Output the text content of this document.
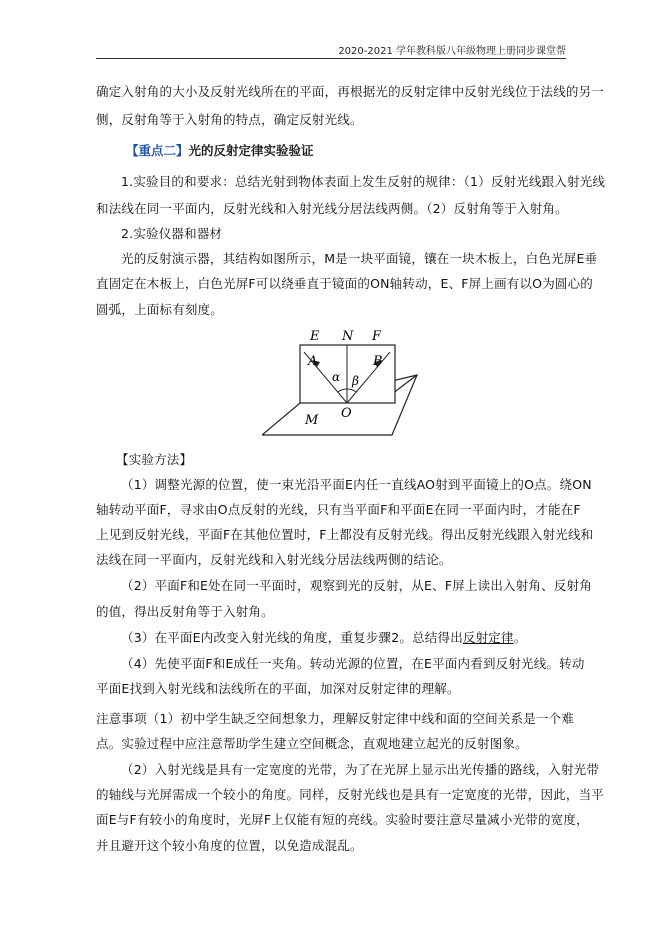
2020-2021 学年教科版八年级物理上册同步课堂帮
确定入射角的大小及反射光线所在的平面，再根据光的反射定律中反射光线位于法线的另一
侧，反射角等于入射角的特点，确定反射光线。
【重点二】光的反射定律实验验证
1.实验目的和要求：总结光射到物体表面上发生反射的规律：（1）反射光线跟入射光线
和法线在同一平面内，反射光线和入射光线分居法线两侧。（2）反射角等于入射角。
2.实验仪器和器材
光的反射演示器，其结构如图所示，M是一块平面镜，镶在一块木板上，白色光屏E垂
直固定在木板上，白色光屏F可以绕垂直于镜面的ON轴转动，E、F屏上画有以O为圆心的
圆弧，上面标有刻度。
【实验方法】
（1）调整光源的位置，使一束光沿平面E内任一直线AO射到平面镜上的O点。绕ON
轴转动平面F，寻求由O点反射的光线，只有当平面F和平面E在同一平面内时，才能在F
上见到反射光线，平面F在其他位置时，F上都没有反射光线。得出反射光线跟入射光线和
法线在同一平面内，反射光线和入射光线分居法线两侧的结论。
（2）平面F和E处在同一平面时，观察到光的反射，从E、F屏上读出入射角、反射角
的值，得出反射角等于入射角。
（3）在平面E内改变入射光线的角度，重复步骤2。总结得出反射定律。
（4）先使平面F和E成任一夹角。转动光源的位置，在E平面内看到反射光线。转动
平面E找到入射光线和法线所在的平面，加深对反射定律的理解。
注意事项（1）初中学生缺乏空间想象力，理解反射定律中线和面的空间关系是一个难
点。实验过程中应注意帮助学生建立空间概念，直观地建立起光的反射图象。
（2）入射光线是具有一定宽度的光带，为了在光屏上显示出光传播的路线，入射光带
的轴线与光屏需成一个较小的角度。同样，反射光线也是具有一定宽度的光带，因此，当平
面E与F有较小的角度时，光屏F上仅能有短的亮线。实验时要注意尽量减小光带的宽度，
并且避开这个较小角度的位置，以免造成混乱。
E N F
A	B
α β
O
M
